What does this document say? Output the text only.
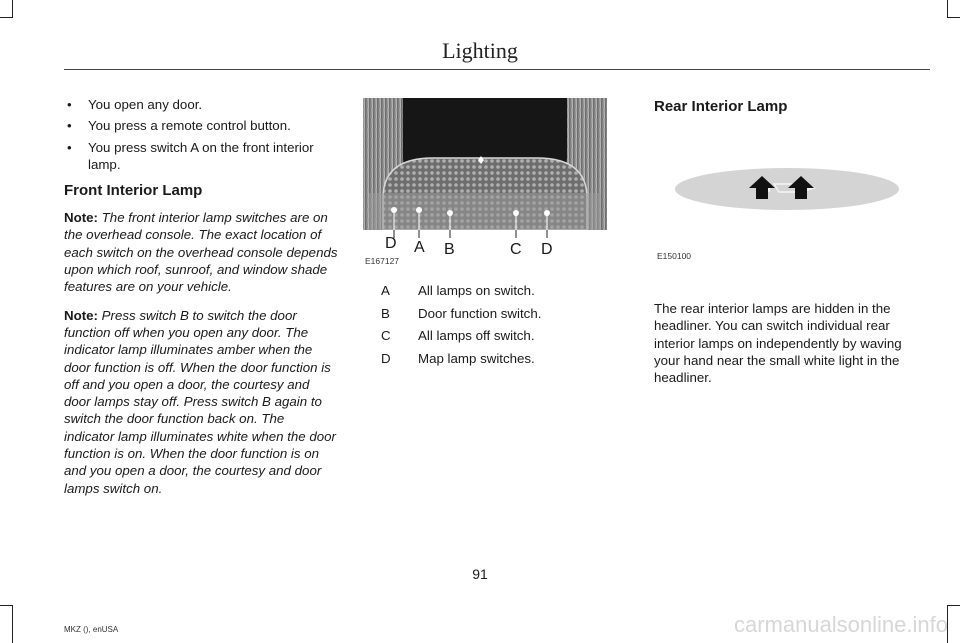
Lighting
• You open any door.
• You press a remote control button.
• You press switch A on the front interior lamp.
Front Interior Lamp

Note: The front interior lamp switches are on the overhead console. The exact location of each switch on the overhead console depends upon which roof, sunroof, and window shade features are on your vehicle.

Note: Press switch B to switch the door function off when you open any door. The indicator lamp illuminates amber when the door function is off. When the door function is off and you open a door, the courtesy and door lamps stay off. Press switch B again to switch the door function back on. The indicator lamp illuminates white when the door function is on. When the door function is on and you open a door, the courtesy and door lamps switch on.

D A B	C D
E167127
A	All lamps on switch.
B	Door function switch.
C	All lamps off switch.
D	Map lamp switches.
Rear Interior Lamp
E150100

The rear interior lamps are hidden in the headliner. You can switch individual rear interior lamps on independently by waving your hand near the small white light in the headliner.

91
MKZ (), enUSA	carmanualsonline.info
